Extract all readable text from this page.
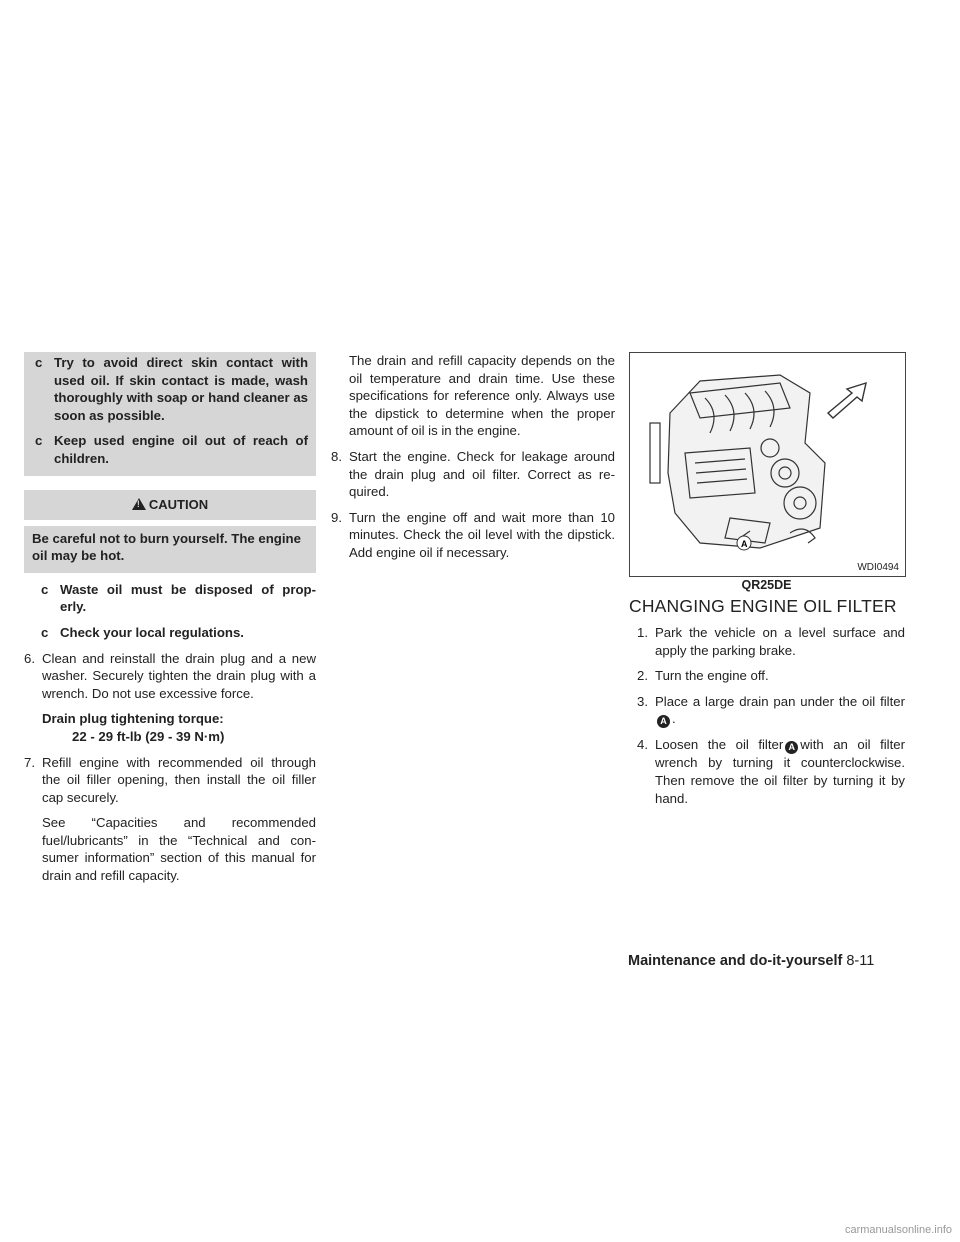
c Try to avoid direct skin contact with used oil. If skin contact is made, wash thoroughly with soap or hand cleaner as soon as possible.
c Keep used engine oil out of reach of children.
!CAUTION
Be careful not to burn yourself. The engine oil may be hot.
c Waste oil must be disposed of prop- erly.
c Check your local regulations.
6. Clean and reinstall the drain plug and a new washer. Securely tighten the drain plug with a wrench. Do not use excessive force.
Drain plug tightening torque:
22 - 29 ft-lb (29 - 39 N·m)
7. Refill engine with recommended oil through the oil filler opening, then install the oil filler cap securely.
See “Capacities and recommended fuel/lubricants” in the “Technical and con- sumer information” section of this manual for drain and refill capacity.
The drain and refill capacity depends on the oil temperature and drain time. Use these specifications for reference only. Always use the dipstick to determine when the proper amount of oil is in the engine.
8. Start the engine. Check for leakage around the drain plug and oil filter. Correct as re- quired.
9. Turn the engine off and wait more than 10 minutes. Check the oil level with the dipstick. Add engine oil if necessary.
A
WDI0494
QR25DE
CHANGING ENGINE OIL FILTER
1. Park the vehicle on a level surface and apply the parking brake.
2. Turn the engine off.
3. Place a large drain pan under the oil filterA .
4. Loosen the oil filter A with an oil filter wrench by turning it counterclockwise. Then remove the oil filter by turning it by hand.
Maintenance and do-it-yourself 8-11
carmanualsonline.info
